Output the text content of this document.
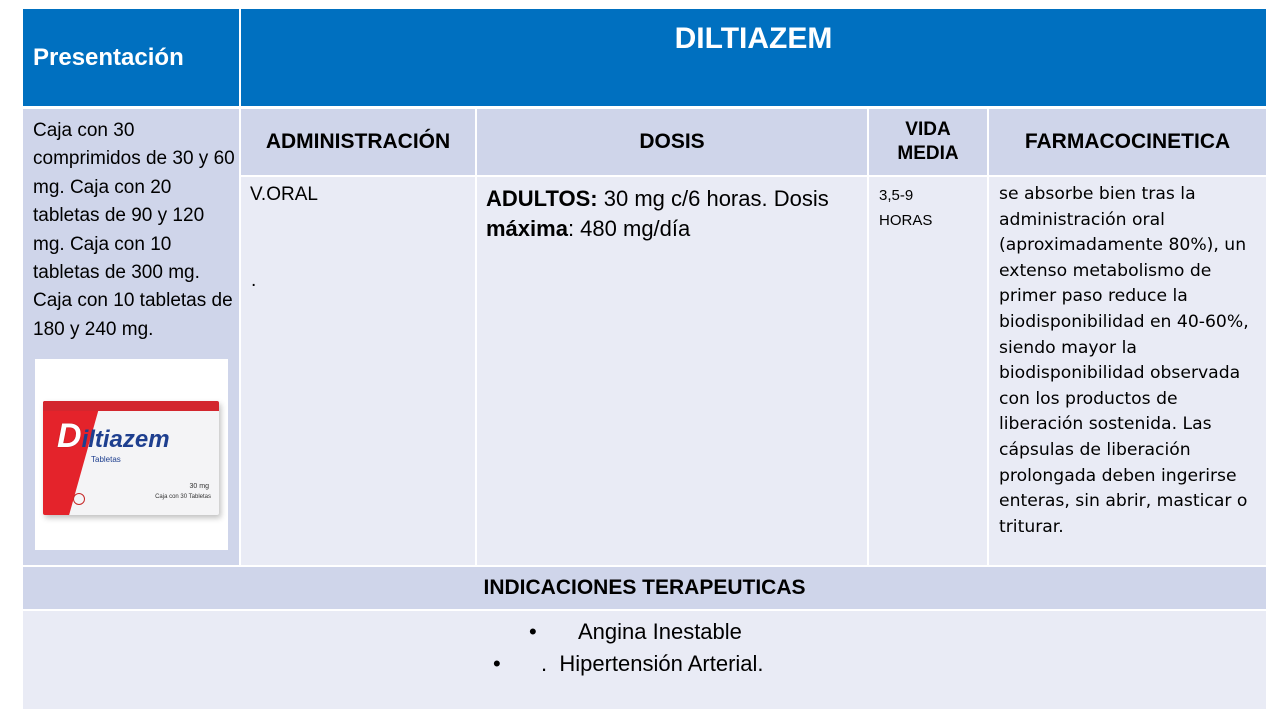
Presentación
DILTIAZEM
Caja con 30 comprimidos de 30 y 60 mg. Caja con 20 tabletas de 90 y 120 mg. Caja con 10 tabletas de 300 mg. Caja con 10 tabletas de 180 y 240 mg.
Diltiazem
Tabletas
30 mg
Caja con 30 Tabletas
ADMINISTRACIÓN	DOSIS
VIDA
MEDIA
FARMACOCINETICA
V.ORAL
.
ADULTOS: 30 mg c/6 horas. Dosis máxima: 480 mg/día
3,5-9
HORAS
se absorbe bien tras la administración oral (aproximadamente 80%), un extenso metabolismo de primer paso reduce la biodisponibilidad en 40-60%, siendo mayor la biodisponibilidad observada con los productos de liberación sostenida. Las cápsulas de liberación prolongada deben ingerirse enteras, sin abrir, masticar o triturar.
INDICACIONES TERAPEUTICAS
• Angina Inestable
• .  Hipertensión Arterial.
